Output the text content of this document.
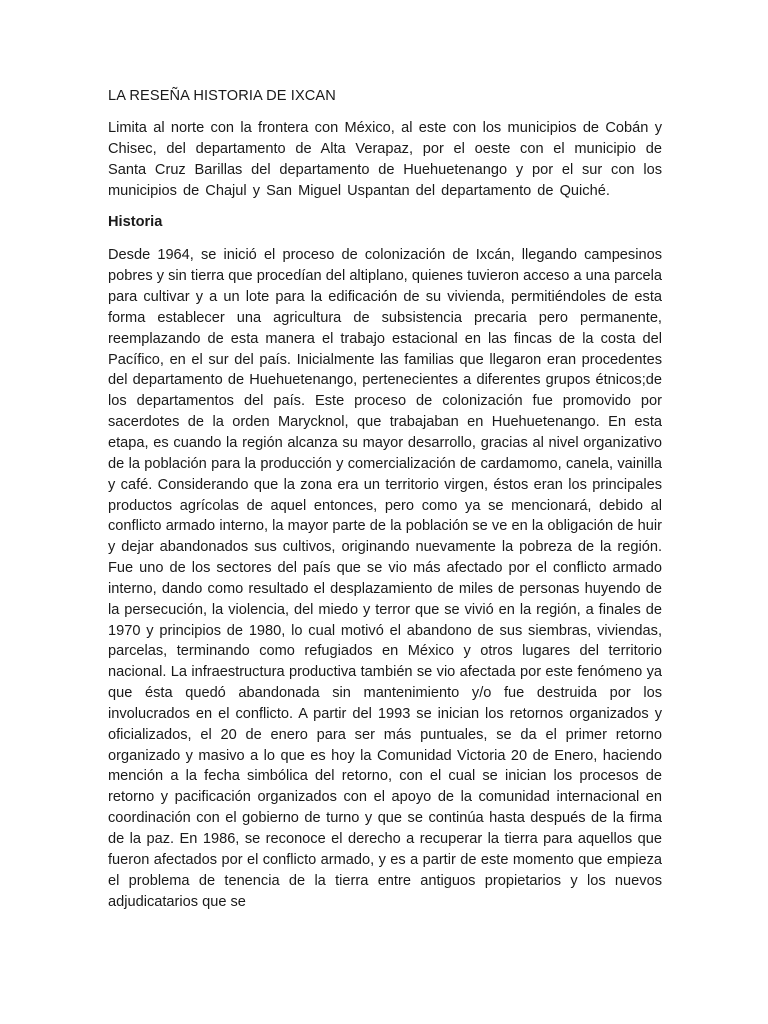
LA RESEÑA HISTORIA DE IXCAN

Limita al norte con la frontera con México, al este con los municipios de Cobán y Chisec, del departamento de Alta Verapaz, por el oeste con el municipio de Santa Cruz Barillas del departamento de Huehuetenango y por el sur con los municipios de Chajul y San Miguel Uspantan del departamento de Quiché.

Historia

Desde 1964, se inició el proceso de colonización de Ixcán, llegando campesinos pobres y sin tierra que procedían del altiplano, quienes tuvieron acceso a una parcela para cultivar y a un lote para la edificación de su vivienda, permitiéndoles de esta forma establecer una agricultura de subsistencia precaria pero permanente, reemplazando de esta manera el trabajo estacional en las fincas de la costa del Pacífico, en el sur del país. Inicialmente las familias que llegaron eran procedentes del departamento de Huehuetenango, pertenecientes a diferentes grupos étnicos;de los departamentos del país. Este proceso de colonización fue promovido por sacerdotes de la orden Marycknol, que trabajaban en Huehuetenango. En esta etapa, es cuando la región alcanza su mayor desarrollo, gracias al nivel organizativo de la población para la producción y comercialización de cardamomo, canela, vainilla y café. Considerando que la zona era un territorio virgen, éstos eran los principales productos agrícolas de aquel entonces, pero como ya se mencionará, debido al conflicto armado interno, la mayor parte de la población se ve en la obligación de huir y dejar abandonados sus cultivos, originando nuevamente la pobreza de la región. Fue uno de los sectores del país que se vio más afectado por el conflicto armado interno, dando como resultado el desplazamiento de miles de personas huyendo de la persecución, la violencia, del miedo y terror que se vivió en la región, a finales de 1970 y principios de 1980, lo cual motivó el abandono de sus siembras, viviendas, parcelas, terminando como refugiados en México y otros lugares del territorio nacional. La infraestructura productiva también se vio afectada por este fenómeno ya que ésta quedó abandonada sin mantenimiento y/o fue destruida por los involucrados en el conflicto. A partir del 1993 se inician los retornos organizados y oficializados, el 20 de enero para ser más puntuales, se da el primer retorno organizado y masivo a lo que es hoy la Comunidad Victoria 20 de Enero, haciendo mención a la fecha simbólica del retorno, con el cual se inician los procesos de retorno y pacificación organizados con el apoyo de la comunidad internacional en coordinación con el gobierno de turno y que se continúa hasta después de la firma de la paz. En 1986, se reconoce el derecho a recuperar la tierra para aquellos que fueron afectados por el conflicto armado, y es a partir de este momento que empieza el problema de tenencia de la tierra entre antiguos propietarios y los nuevos adjudicatarios que se
